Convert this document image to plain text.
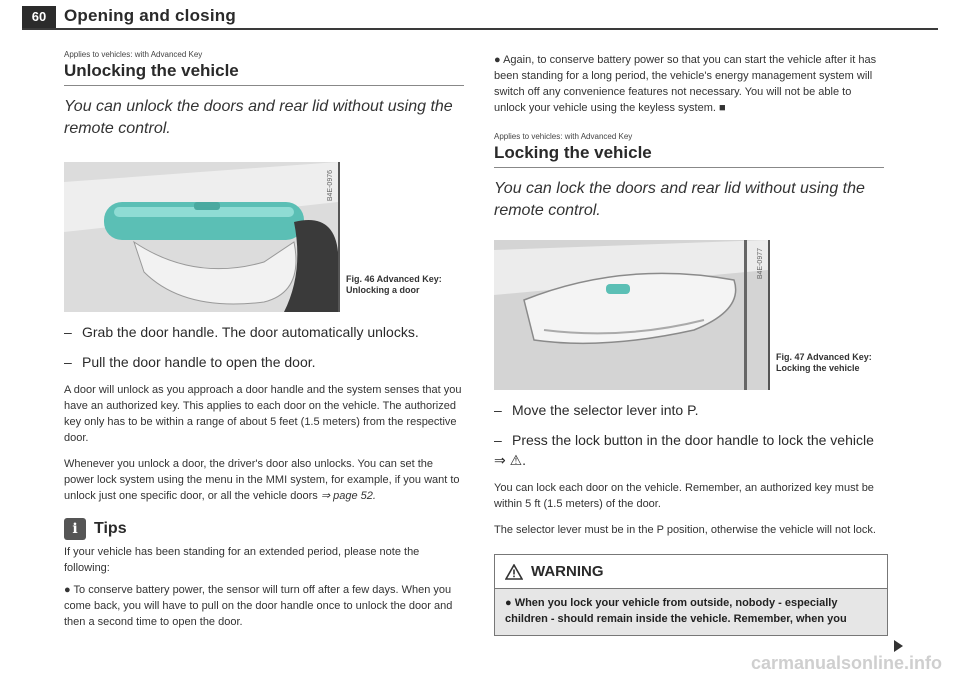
60	Opening and closing
Applies to vehicles: with Advanced Key
Unlocking the vehicle

You can unlock the doors and rear lid without using the remote control.

B4E-0976
Fig. 46 Advanced Key:
Unlocking a door

– Grab the door handle. The door automatically unlocks.

– Pull the door handle to open the door.

A door will unlock as you approach a door handle and the system senses that you have an authorized key. This applies to each door on the vehicle. The authorized key only has to be within a range of about 5 feet (1.5 meters) from the respective door.

Whenever you unlock a door, the driver's door also unlocks. You can set the power lock system using the menu in the MMI system, for example, if you want to unlock just one specific door, or all the vehicle doors ⇒ page 52.

i	Tips

If your vehicle has been standing for an extended period, please note the following:

● To conserve battery power, the sensor will turn off after a few days. When you come back, you will have to pull on the door handle once to unlock the door and then a second time to open the door.

● Again, to conserve battery power so that you can start the vehicle after it has been standing for a long period, the vehicle's energy management system will switch off any convenience features not necessary. You will not be able to unlock your vehicle using the keyless system. ■

Applies to vehicles: with Advanced Key
Locking the vehicle

You can lock the doors and rear lid without using the remote control.

B4E-0977
Fig. 47 Advanced Key:
Locking the vehicle

– Move the selector lever into P.

– Press the lock button in the door handle to lock the vehicle ⇒ ⚠.

You can lock each door on the vehicle. Remember, an authorized key must be within 5 ft (1.5 meters) of the door.

The selector lever must be in the P position, otherwise the vehicle will not lock.

WARNING
● When you lock your vehicle from outside, nobody - especially children - should remain inside the vehicle. Remember, when you
carmanualsonline.info
